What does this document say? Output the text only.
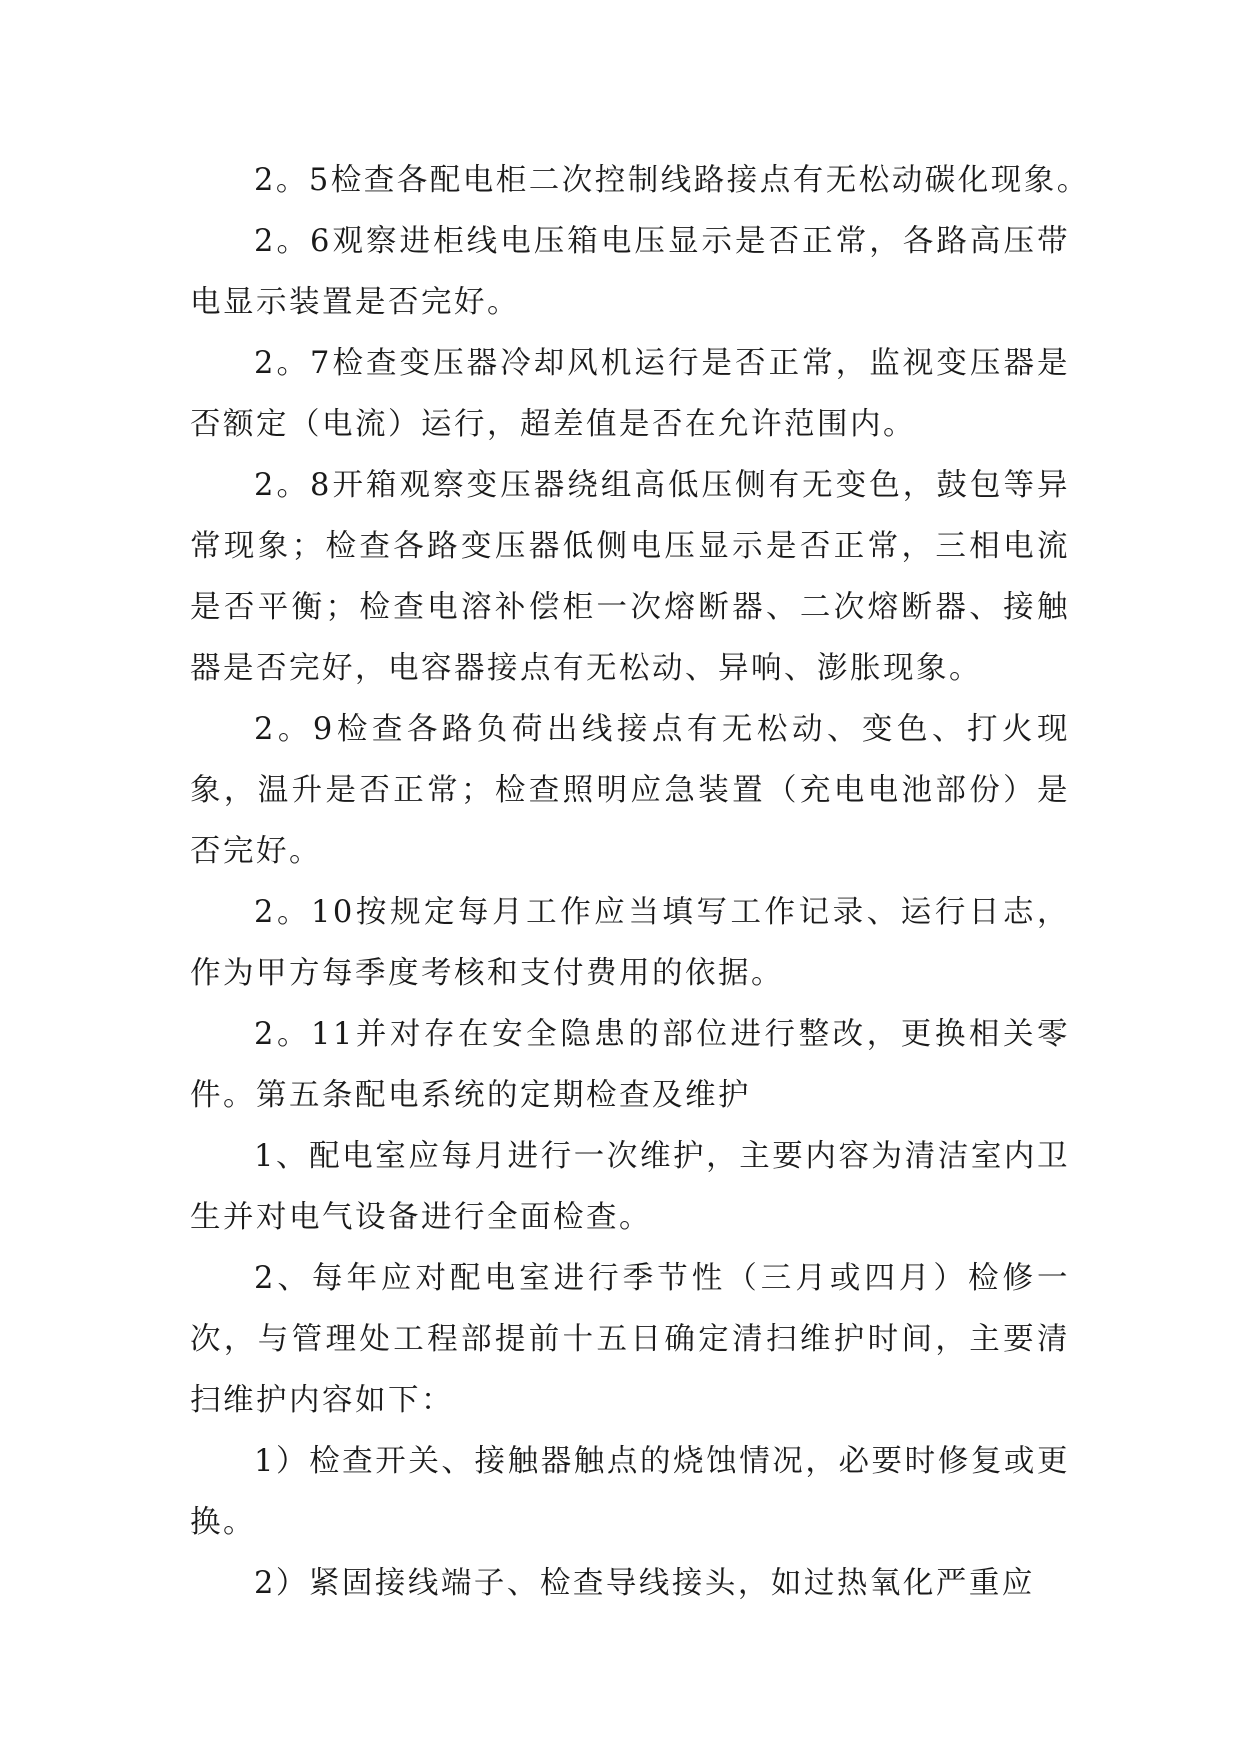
2。5检查各配电柜二次控制线路接点有无松动碳化现象。

2。6观察进柜线电压箱电压显示是否正常，各路高压带电显示装置是否完好。

2。7检查变压器冷却风机运行是否正常，监视变压器是否额定（电流）运行，超差值是否在允许范围内。

2。8开箱观察变压器绕组高低压侧有无变色，鼓包等异常现象；检查各路变压器低侧电压显示是否正常，三相电流是否平衡；检查电溶补偿柜一次熔断器、二次熔断器、接触器是否完好，电容器接点有无松动、异响、澎胀现象。

2。9检查各路负荷出线接点有无松动、变色、打火现象，温升是否正常；检查照明应急装置（充电电池部份）是否完好。

2。10按规定每月工作应当填写工作记录、运行日志，作为甲方每季度考核和支付费用的依据。

2。11并对存在安全隐患的部位进行整改，更换相关零件。第五条配电系统的定期检查及维护

1、配电室应每月进行一次维护，主要内容为清洁室内卫生并对电气设备进行全面检查。

2、每年应对配电室进行季节性（三月或四月）检修一次，与管理处工程部提前十五日确定清扫维护时间，主要清扫维护内容如下：

1）检查开关、接触器触点的烧蚀情况，必要时修复或更换。

2）紧固接线端子、检查导线接头，如过热氧化严重应
